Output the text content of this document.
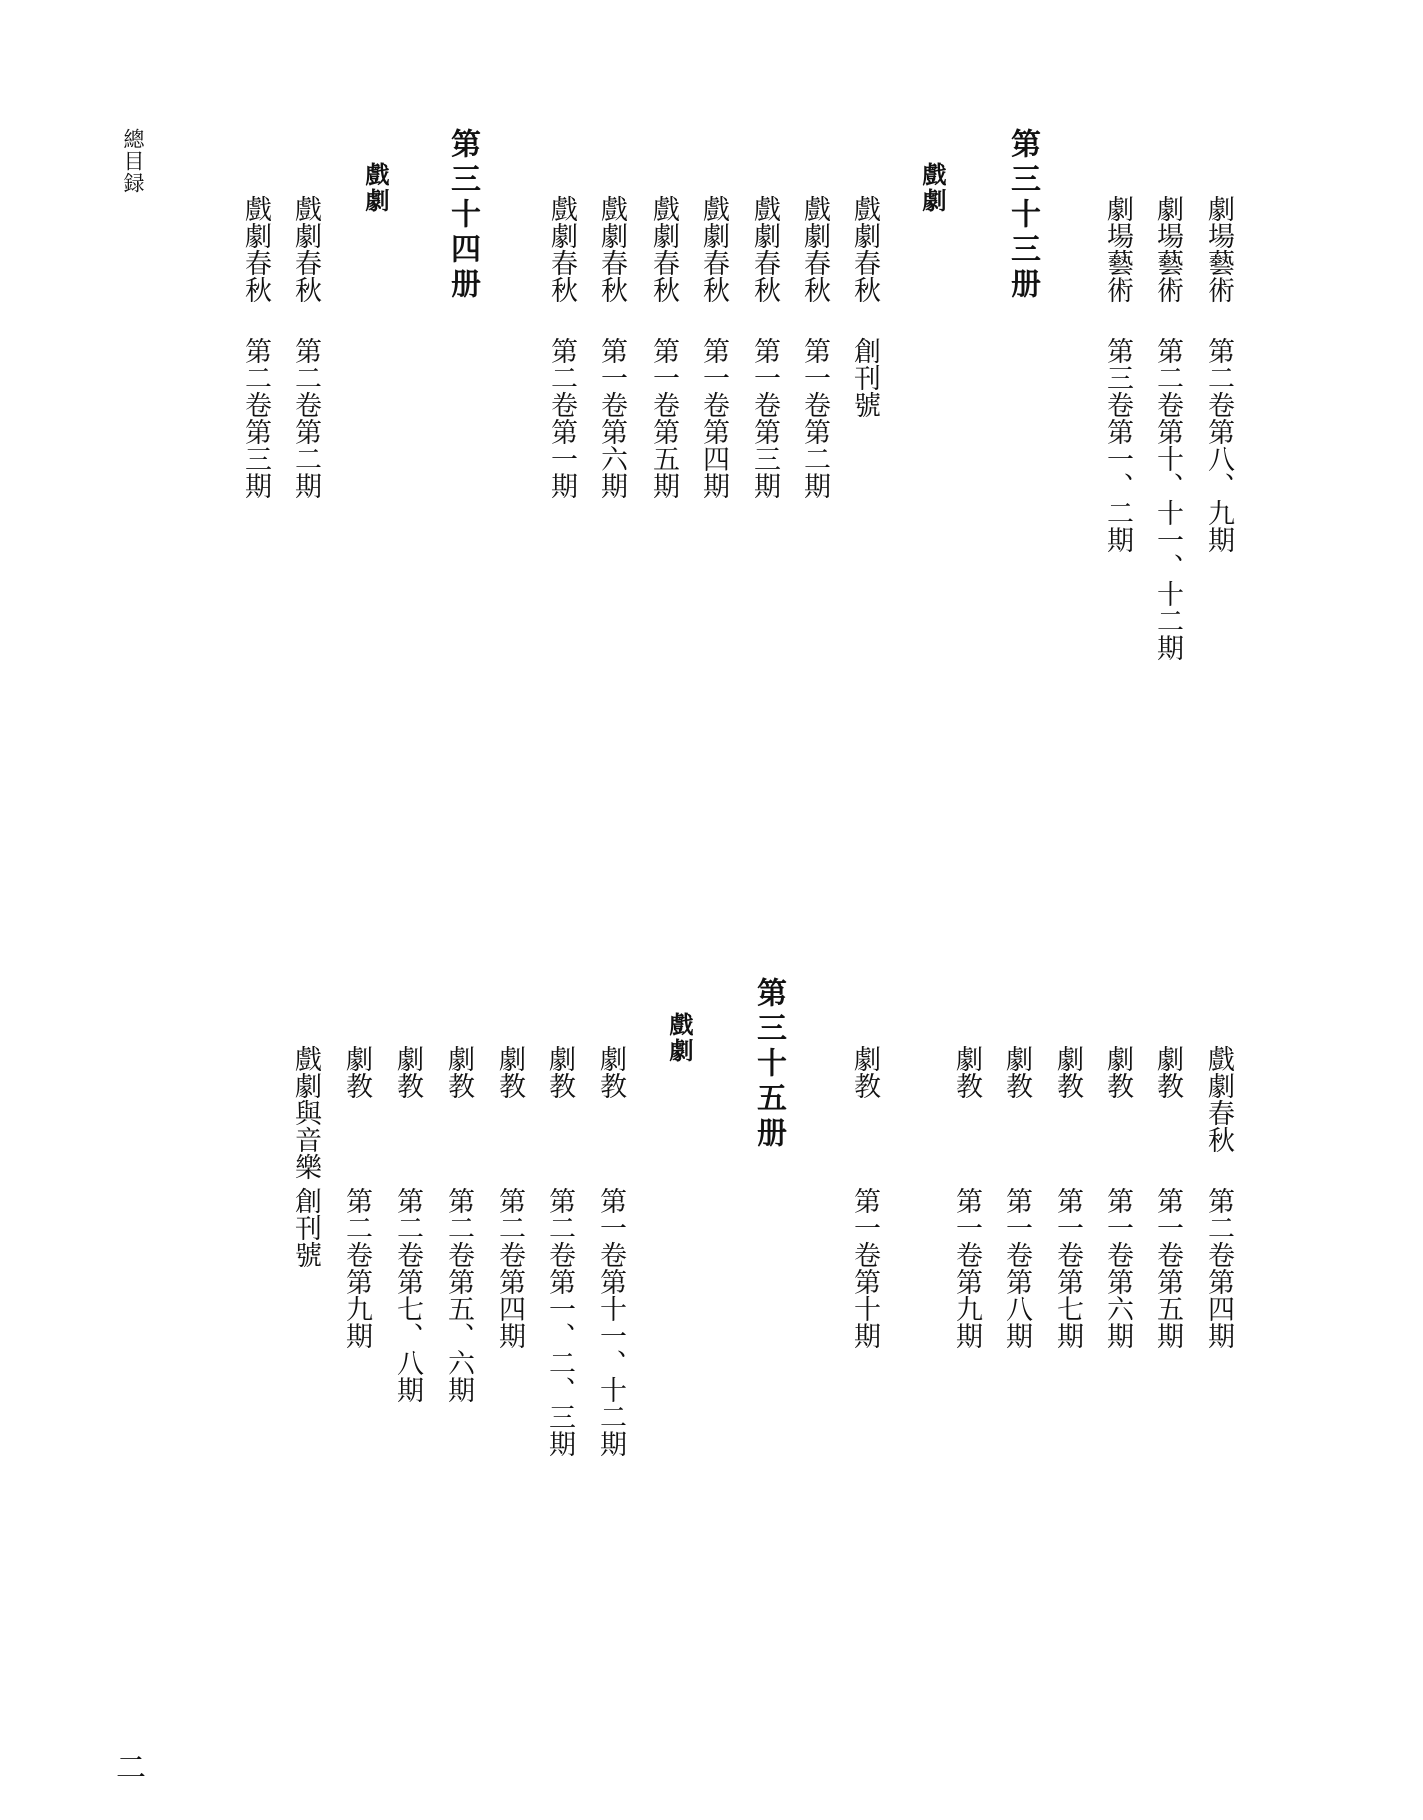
總目録	第三十三册
戲劇
劇場藝術第二卷第八、九期
劇場藝術第二卷第十、十一、十二期
劇場藝術第三卷第一、二期
戲劇春秋創刊號
戲劇春秋第一卷第二期
戲劇春秋第一卷第三期
戲劇春秋第一卷第四期
戲劇春秋第一卷第五期
戲劇春秋第一卷第六期
戲劇春秋第二卷第一期
第三十四册
戲劇
戲劇春秋第二卷第二期
戲劇春秋第二卷第三期
戲劇春秋第二卷第四期
劇教第一卷第五期
劇教第一卷第六期
劇教第一卷第七期
劇教第一卷第八期
劇教第一卷第九期
劇教第一卷第十期
第三十五册
戲劇
劇教第一卷第十一、十二期
劇教第二卷第一、二、三期
劇教第二卷第四期
劇教第二卷第五、六期
劇教第二卷第七、八期
劇教第二卷第九期
戲劇與音樂創刊號
二
